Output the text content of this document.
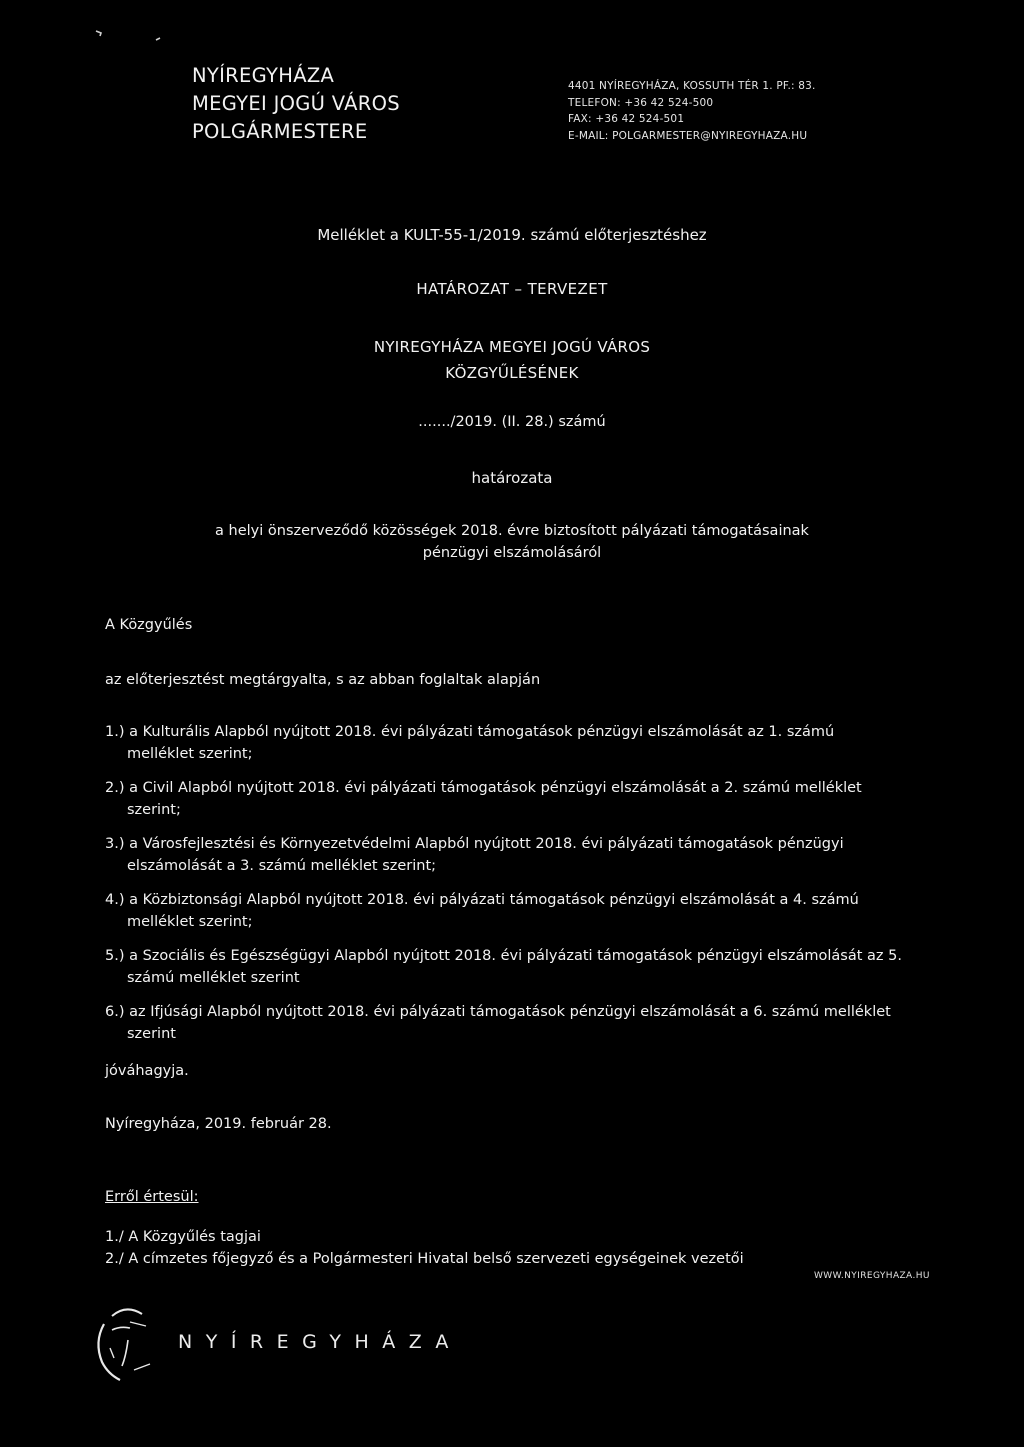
NYÍREGYHÁZA
MEGYEI JOGÚ VÁROS
POLGÁRMESTERE
4401 NYÍREGYHÁZA, KOSSUTH TÉR 1. PF.: 83.
TELEFON: +36 42 524-500
FAX: +36 42 524-501
E-MAIL: POLGARMESTER@NYIREGYHAZA.HU
Melléklet a KULT-55-1/2019. számú előterjesztéshez
HATÁROZAT – TERVEZET
NYIREGYHÁZA MEGYEI JOGÚ VÁROS
KÖZGYŰLÉSÉNEK
......./2019. (II. 28.) számú
határozata
a helyi önszerveződő közösségek 2018. évre biztosított pályázati támogatásainak
pénzügyi elszámolásáról
A Közgyűlés
az előterjesztést megtárgyalta, s az abban foglaltak alapján
1.) a Kulturális Alapból nyújtott 2018. évi pályázati támogatások pénzügyi elszámolását az 1. számú
melléklet szerint;
2.) a Civil Alapból nyújtott 2018. évi pályázati támogatások pénzügyi elszámolását a 2. számú melléklet
szerint;
3.) a Városfejlesztési és Környezetvédelmi Alapból nyújtott 2018. évi pályázati támogatások pénzügyi
elszámolását a 3. számú melléklet szerint;
4.) a Közbiztonsági Alapból nyújtott 2018. évi pályázati támogatások pénzügyi elszámolását a 4. számú
melléklet szerint;
5.) a Szociális és Egészségügyi Alapból nyújtott 2018. évi pályázati támogatások pénzügyi elszámolását az 5.
számú melléklet szerint
6.) az Ifjúsági Alapból nyújtott 2018. évi pályázati támogatások pénzügyi elszámolását a 6. számú melléklet
szerint
jóváhagyja.
Nyíregyháza, 2019. február 28.
Erről értesül:
1./ A Közgyűlés tagjai
2./ A címzetes főjegyző és a Polgármesteri Hivatal belső szervezeti egységeinek vezetői
WWW.NYIREGYHAZA.HU
NYÍREGYHÁZA
